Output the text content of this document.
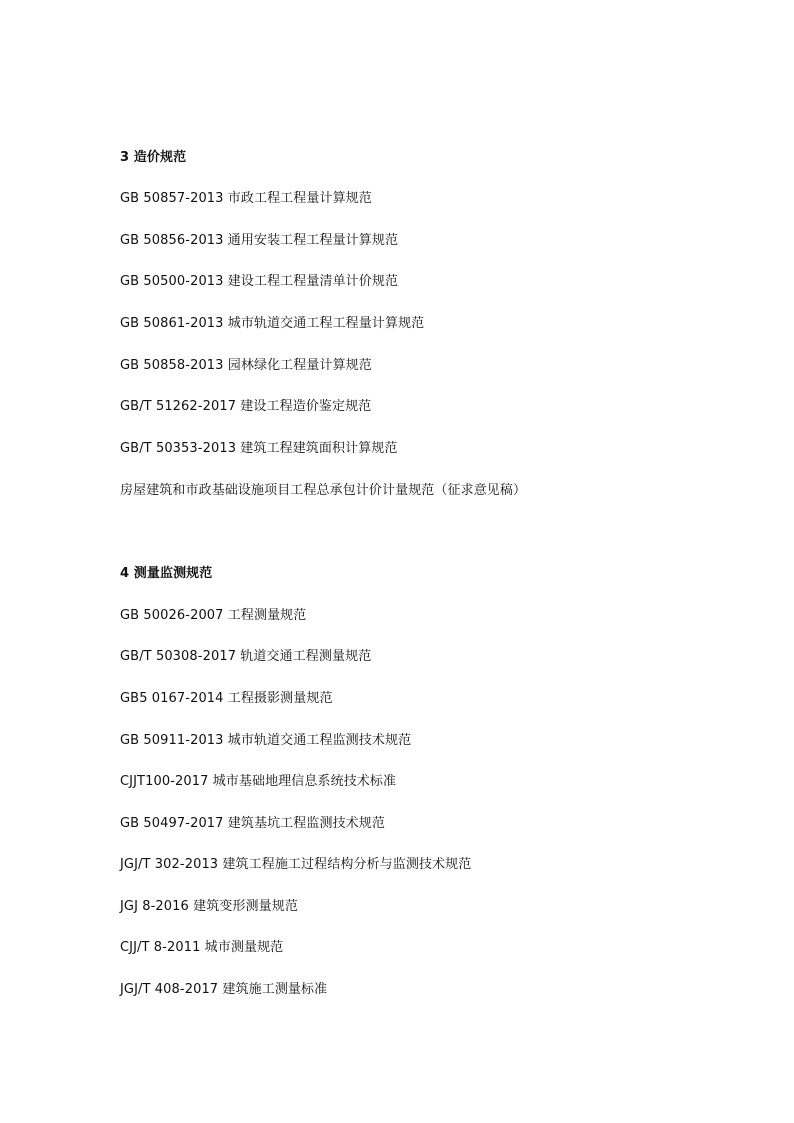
3 造价规范
GB 50857-2013 市政工程工程量计算规范
GB 50856-2013 通用安装工程工程量计算规范
GB 50500-2013 建设工程工程量清单计价规范
GB 50861-2013 城市轨道交通工程工程量计算规范
GB 50858-2013 园林绿化工程量计算规范
GB/T 51262-2017 建设工程造价鉴定规范
GB/T 50353-2013 建筑工程建筑面积计算规范
房屋建筑和市政基础设施项目工程总承包计价计量规范（征求意见稿）
4 测量监测规范
GB 50026-2007 工程测量规范
GB/T 50308-2017 轨道交通工程测量规范
GB5 0167-2014 工程摄影测量规范
GB 50911-2013 城市轨道交通工程监测技术规范
CJJT100-2017 城市基础地理信息系统技术标准
GB 50497-2017 建筑基坑工程监测技术规范
JGJ/T 302-2013 建筑工程施工过程结构分析与监测技术规范
JGJ 8-2016 建筑变形测量规范
CJJ/T 8-2011 城市测量规范
JGJ/T 408-2017 建筑施工测量标准
